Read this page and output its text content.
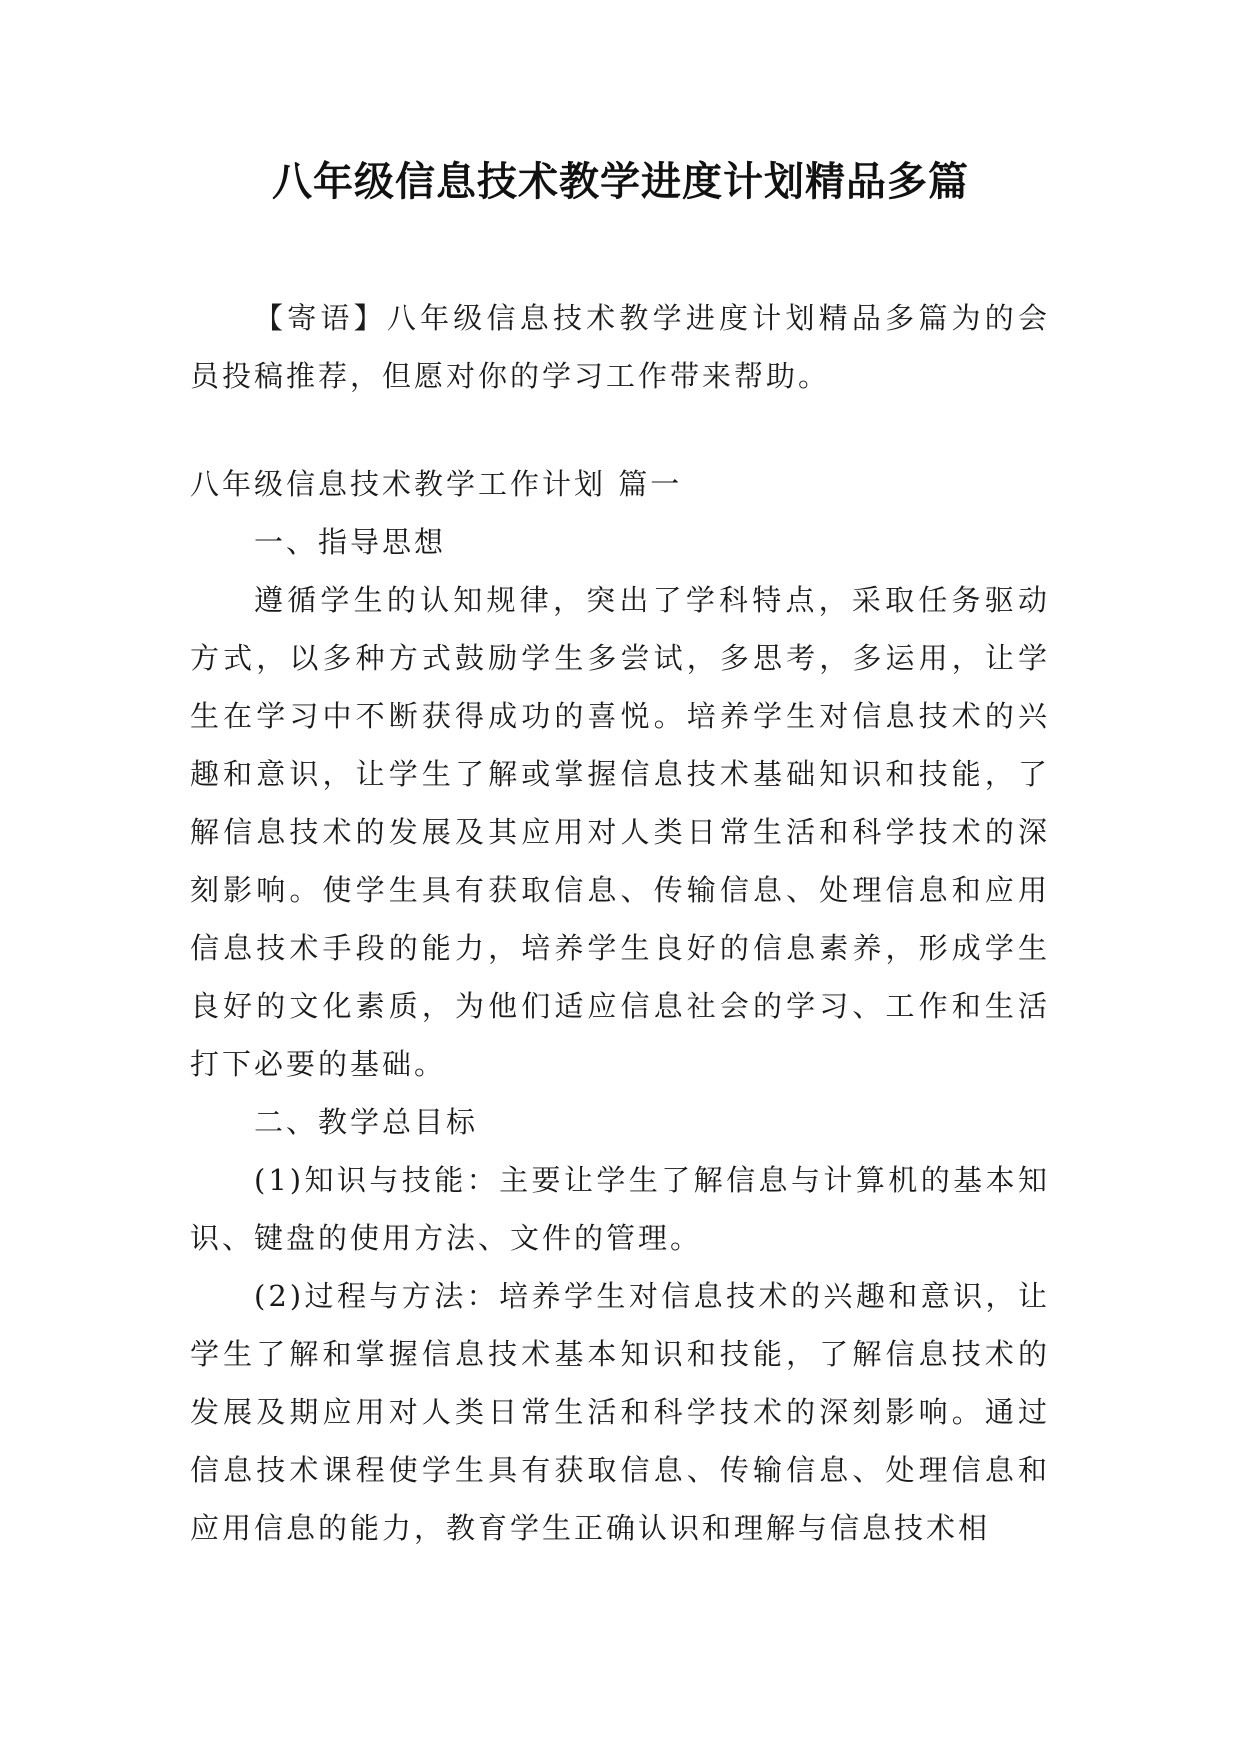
八年级信息技术教学进度计划精品多篇

【寄语】八年级信息技术教学进度计划精品多篇为的会员投稿推荐，但愿对你的学习工作带来帮助。

八年级信息技术教学工作计划 篇一

一、指导思想

遵循学生的认知规律，突出了学科特点，采取任务驱动方式，以多种方式鼓励学生多尝试，多思考，多运用，让学生在学习中不断获得成功的喜悦。培养学生对信息技术的兴趣和意识，让学生了解或掌握信息技术基础知识和技能，了解信息技术的发展及其应用对人类日常生活和科学技术的深刻影响。使学生具有获取信息、传输信息、处理信息和应用信息技术手段的能力，培养学生良好的信息素养，形成学生良好的文化素质，为他们适应信息社会的学习、工作和生活打下必要的基础。

二、教学总目标

(1)知识与技能：主要让学生了解信息与计算机的基本知识、键盘的使用方法、文件的管理。

(2)过程与方法：培养学生对信息技术的兴趣和意识，让学生了解和掌握信息技术基本知识和技能，了解信息技术的发展及期应用对人类日常生活和科学技术的深刻影响。通过信息技术课程使学生具有获取信息、传输信息、处理信息和应用信息的能力，教育学生正确认识和理解与信息技术相
